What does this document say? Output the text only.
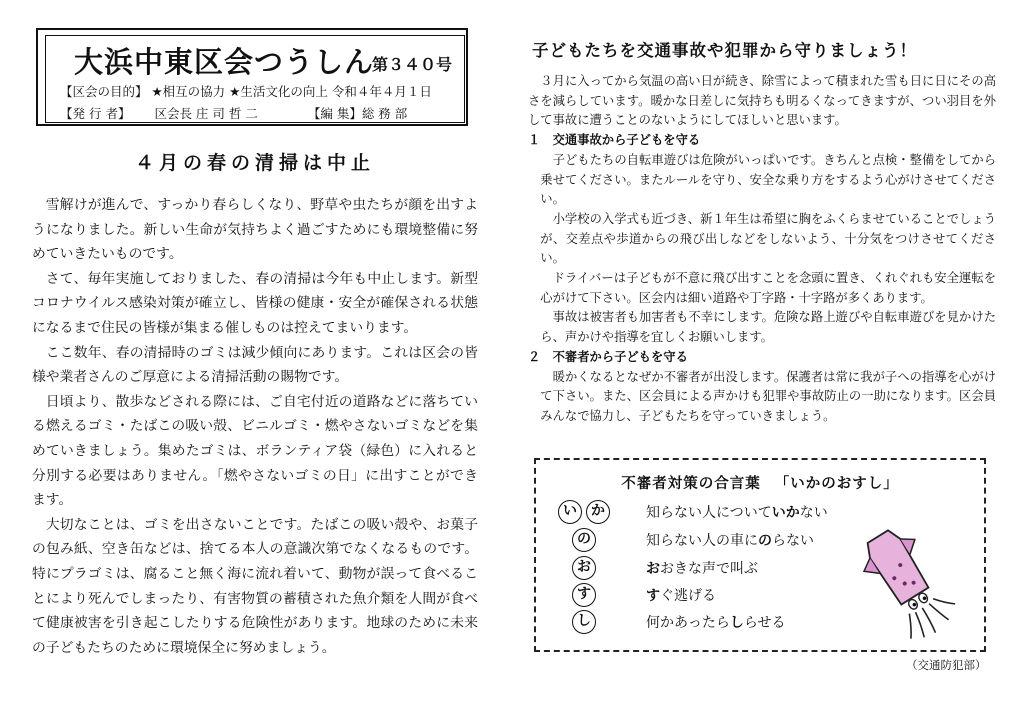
大浜中東区会つうしん
第３４０号
【区会の目的】 ★相互の協力 ★生活文化の向上 令和４年４月１日
【発 行 者】 区会長 庄 司 哲 二	【編 集】総 務 部
４月の春の清掃は中止

雪解けが進んで、すっかり春らしくなり、野草や虫たちが顔を出すようになりました。新しい生命が気持ちよく過ごすためにも環境整備に努めていきたいものです。

さて、毎年実施しておりました、春の清掃は今年も中止します。新型コロナウイルス感染対策が確立し、皆様の健康・安全が確保される状態になるまで住民の皆様が集まる催しものは控えてまいります。

ここ数年、春の清掃時のゴミは減少傾向にあります。これは区会の皆様や業者さんのご厚意による清掃活動の賜物です。

日頃より、散歩などされる際には、ご自宅付近の道路などに落ちている燃えるゴミ・たばこの吸い殻、ビニルゴミ・燃やさないゴミなどを集めていきましょう。集めたゴミは、ボランティア袋（緑色）に入れると分別する必要はありません。「燃やさないゴミの日」に出すことができます。

大切なことは、ゴミを出さないことです。たばこの吸い殻や、お菓子の包み紙、空き缶などは、捨てる本人の意識次第でなくなるものです。特にプラゴミは、腐ること無く海に流れ着いて、動物が誤って食べることにより死んでしまったり、有害物質の蓄積された魚介類を人間が食べて健康被害を引き起こしたりする危険性があります。地球のために未来の子どもたちのために環境保全に努めましょう。

子どもたちを交通事故や犯罪から守りましょう！

３月に入ってから気温の高い日が続き、除雪によって積まれた雪も日に日にその高さを減らしています。暖かな日差しに気持ちも明るくなってきますが、つい羽目を外して事故に遭うことのないようにしてほしいと思います。

１　交通事故から子どもを守る

子どもたちの自転車遊びは危険がいっぱいです。きちんと点検・整備をしてから乗せてください。またルールを守り、安全な乗り方をするよう心がけさせてください。

小学校の入学式も近づき、新１年生は希望に胸をふくらませていることでしょうが、交差点や歩道からの飛び出しなどをしないよう、十分気をつけさせてください。

ドライバーは子どもが不意に飛び出すことを念頭に置き、くれぐれも安全運転を心がけて下さい。区会内は細い道路や丁字路・十字路が多くあります。

事故は被害者も加害者も不幸にします。危険な路上遊びや自転車遊びを見かけたら、声かけや指導を宜しくお願いします。

２　不審者から子どもを守る

暖かくなるとなぜか不審者が出没します。保護者は常に我が子への指導を心がけて下さい。また、区会員による声かけも犯罪や事故防止の一助になります。区会員みんなで協力し、子どもたちを守っていきましょう。

不審者対策の合言葉 「いかのおすし」
い	か	知らない人についていかない
の	知らない人の車にのらない
お	おおきな声で叫ぶ
す	すぐ逃げる
し	何かあったらしらせる
（交通防犯部）
